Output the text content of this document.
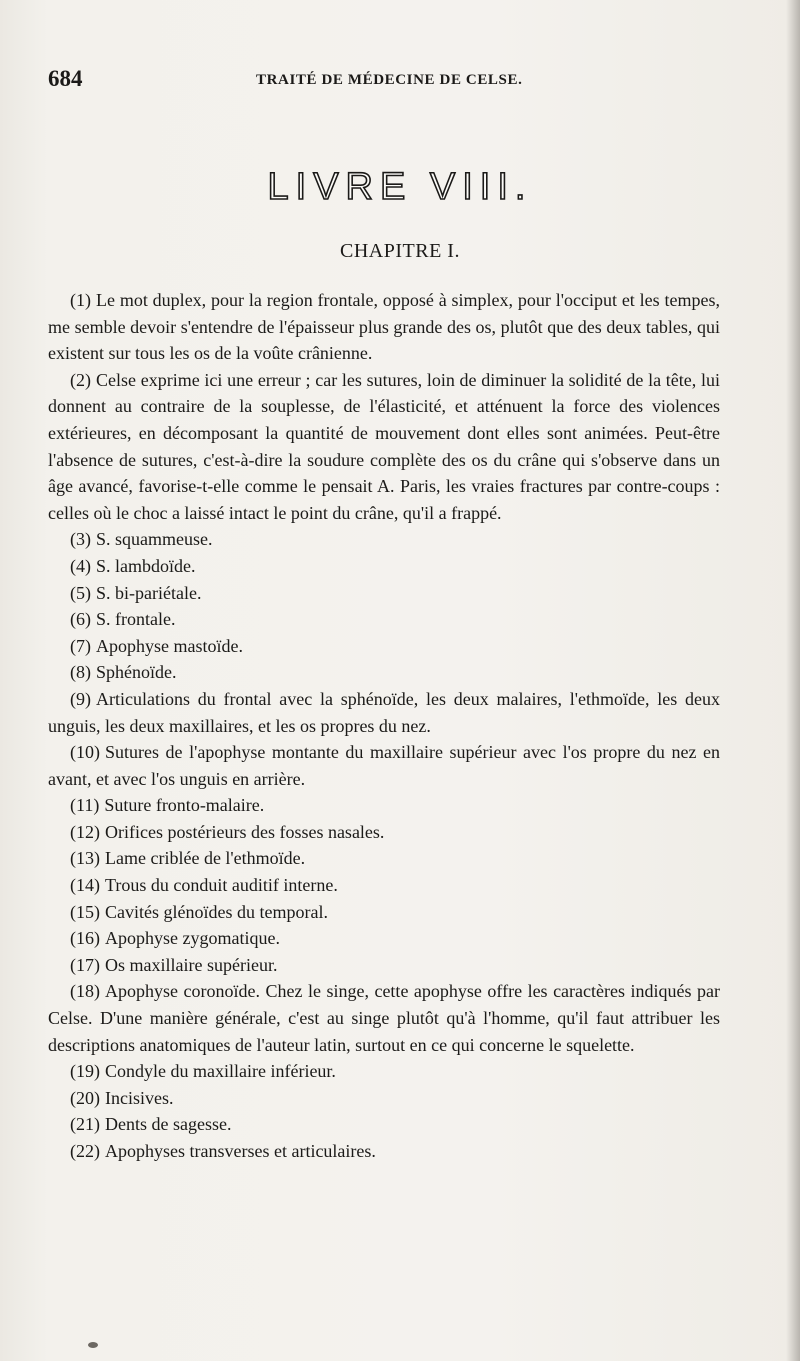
684	TRAITÉ DE MÉDECINE DE CELSE.
LIVRE VIII.
CHAPITRE I.

(1) Le mot duplex, pour la region frontale, opposé à simplex, pour l'occiput et les tempes, me semble devoir s'entendre de l'épaisseur plus grande des os, plutôt que des deux tables, qui existent sur tous les os de la voûte crânienne.

(2) Celse exprime ici une erreur ; car les sutures, loin de diminuer la solidité de la tête, lui donnent au contraire de la souplesse, de l'élasticité, et atténuent la force des violences extérieures, en décomposant la quantité de mouvement dont elles sont animées. Peut-être l'absence de sutures, c'est-à-dire la soudure complète des os du crâne qui s'observe dans un âge avancé, favorise-t-elle comme le pensait A. Paris, les vraies fractures par contre-coups : celles où le choc a laissé intact le point du crâne, qu'il a frappé.

(3) S. squammeuse.

(4) S. lambdoïde.

(5) S. bi-pariétale.

(6) S. frontale.

(7) Apophyse mastoïde.

(8) Sphénoïde.

(9) Articulations du frontal avec la sphénoïde, les deux malaires, l'ethmoïde, les deux unguis, les deux maxillaires, et les os propres du nez.

(10) Sutures de l'apophyse montante du maxillaire supérieur avec l'os propre du nez en avant, et avec l'os unguis en arrière.

(11) Suture fronto-malaire.

(12) Orifices postérieurs des fosses nasales.

(13) Lame criblée de l'ethmoïde.

(14) Trous du conduit auditif interne.

(15) Cavités glénoïdes du temporal.

(16) Apophyse zygomatique.

(17) Os maxillaire supérieur.

(18) Apophyse coronoïde. Chez le singe, cette apophyse offre les caractères indiqués par Celse. D'une manière générale, c'est au singe plutôt qu'à l'homme, qu'il faut attribuer les descriptions anatomiques de l'auteur latin, surtout en ce qui concerne le squelette.

(19) Condyle du maxillaire inférieur.

(20) Incisives.

(21) Dents de sagesse.

(22) Apophyses transverses et articulaires.
